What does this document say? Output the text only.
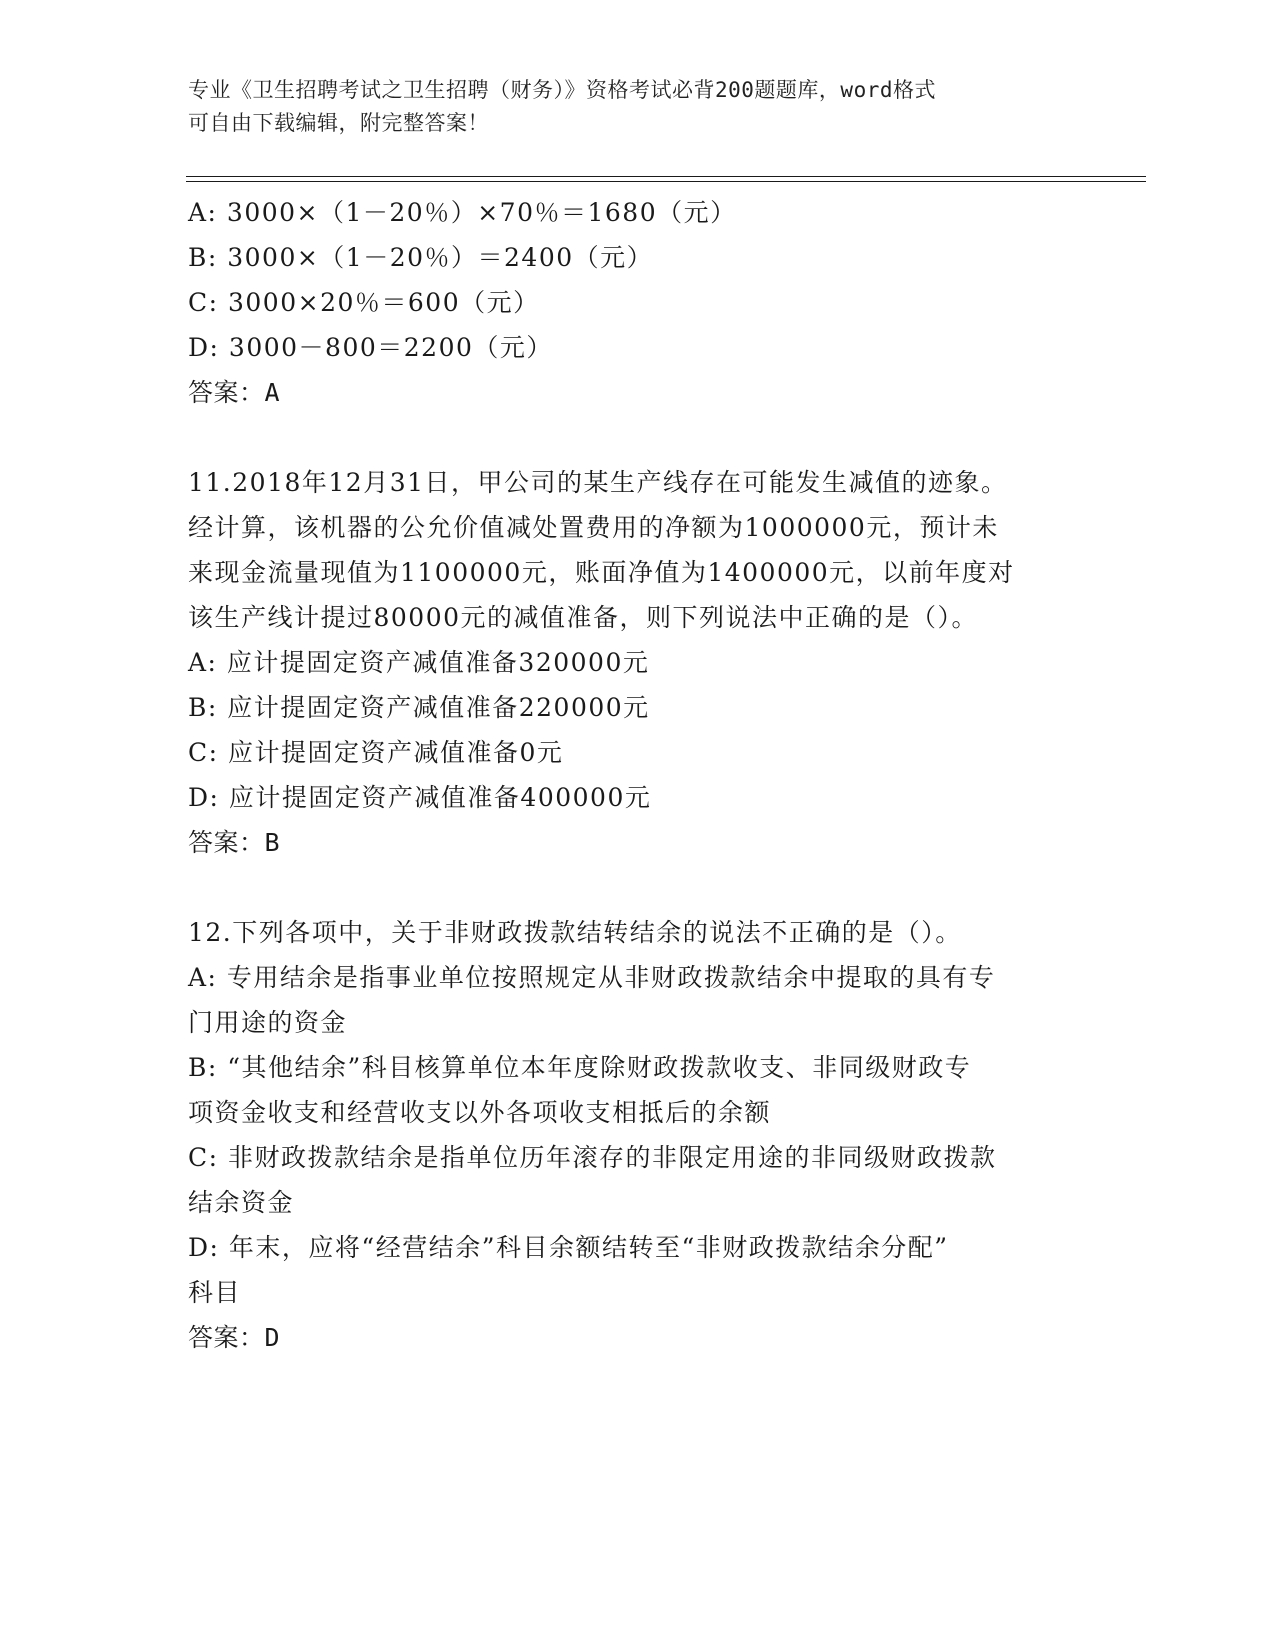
专业《卫生招聘考试之卫生招聘（财务）》资格考试必背200题题库，word格式
可自由下载编辑，附完整答案！
A: 3000×（1－20％）×70％＝1680（元）
B: 3000×（1－20％）＝2400（元）
C: 3000×20％＝600（元）
D: 3000－800＝2200（元）
答案：A
11.2018年12月31日，甲公司的某生产线存在可能发生减值的迹象。
经计算，该机器的公允价值减处置费用的净额为1000000元，预计未
来现金流量现值为1100000元，账面净值为1400000元，以前年度对
该生产线计提过80000元的减值准备，则下列说法中正确的是（）。
A: 应计提固定资产减值准备320000元
B: 应计提固定资产减值准备220000元
C: 应计提固定资产减值准备0元
D: 应计提固定资产减值准备400000元
答案：B
12.下列各项中，关于非财政拨款结转结余的说法不正确的是（）。
A: 专用结余是指事业单位按照规定从非财政拨款结余中提取的具有专
门用途的资金
B: “其他结余”科目核算单位本年度除财政拨款收支、非同级财政专
项资金收支和经营收支以外各项收支相抵后的余额
C: 非财政拨款结余是指单位历年滚存的非限定用途的非同级财政拨款
结余资金
D: 年末，应将“经营结余”科目余额结转至“非财政拨款结余分配”
科目
答案：D
